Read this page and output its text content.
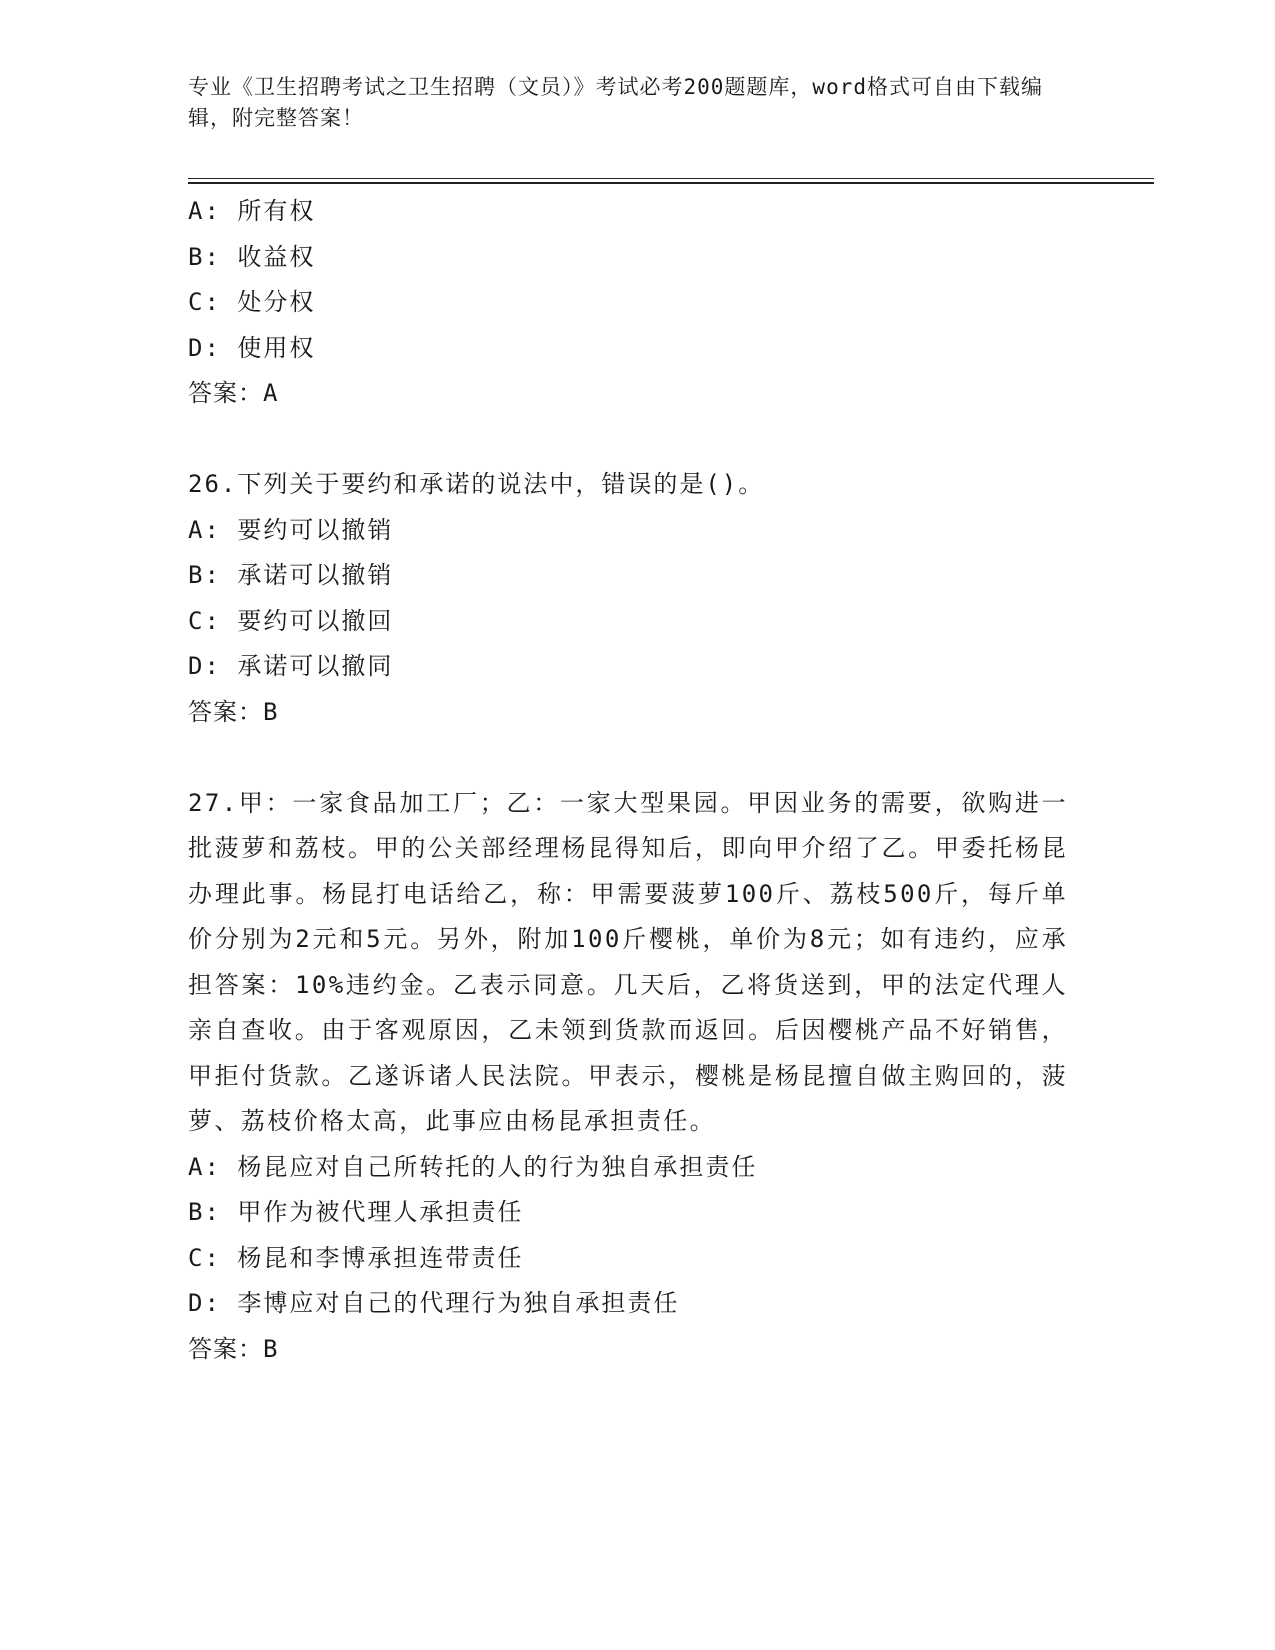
专业《卫生招聘考试之卫生招聘（文员）》考试必考200题题库，word格式可自由下载编辑，附完整答案！
A: 所有权
B: 收益权
C: 处分权
D: 使用权
答案：A
26.下列关于要约和承诺的说法中，错误的是()。
A: 要约可以撤销
B: 承诺可以撤销
C: 要约可以撤回
D: 承诺可以撤同
答案：B
27.甲：一家食品加工厂；乙：一家大型果园。甲因业务的需要，欲购进一批菠萝和荔枝。甲的公关部经理杨昆得知后，即向甲介绍了乙。甲委托杨昆办理此事。杨昆打电话给乙，称：甲需要菠萝100斤、荔枝500斤，每斤单价分别为2元和5元。另外，附加100斤樱桃，单价为8元；如有违约，应承担答案：10%违约金。乙表示同意。几天后，乙将货送到，甲的法定代理人亲自查收。由于客观原因，乙未领到货款而返回。后因樱桃产品不好销售，甲拒付货款。乙遂诉诸人民法院。甲表示，樱桃是杨昆擅自做主购回的，菠萝、荔枝价格太高，此事应由杨昆承担责任。
A: 杨昆应对自己所转托的人的行为独自承担责任
B: 甲作为被代理人承担责任
C: 杨昆和李博承担连带责任
D: 李博应对自己的代理行为独自承担责任
答案：B
